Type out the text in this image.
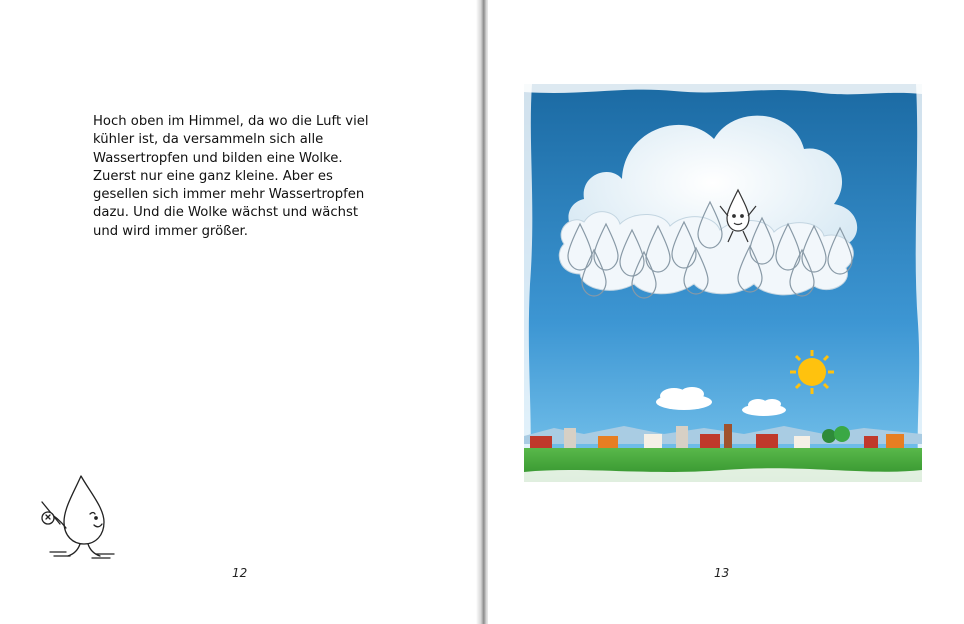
Hoch oben im Himmel, da wo die Luft viel
kühler ist, da versammeln sich alle
Wassertropfen und bilden eine Wolke.
Zuerst nur eine ganz kleine. Aber es
gesellen sich immer mehr Wassertropfen
dazu. Und die Wolke wächst und wächst
und wird immer größer.
12	13
